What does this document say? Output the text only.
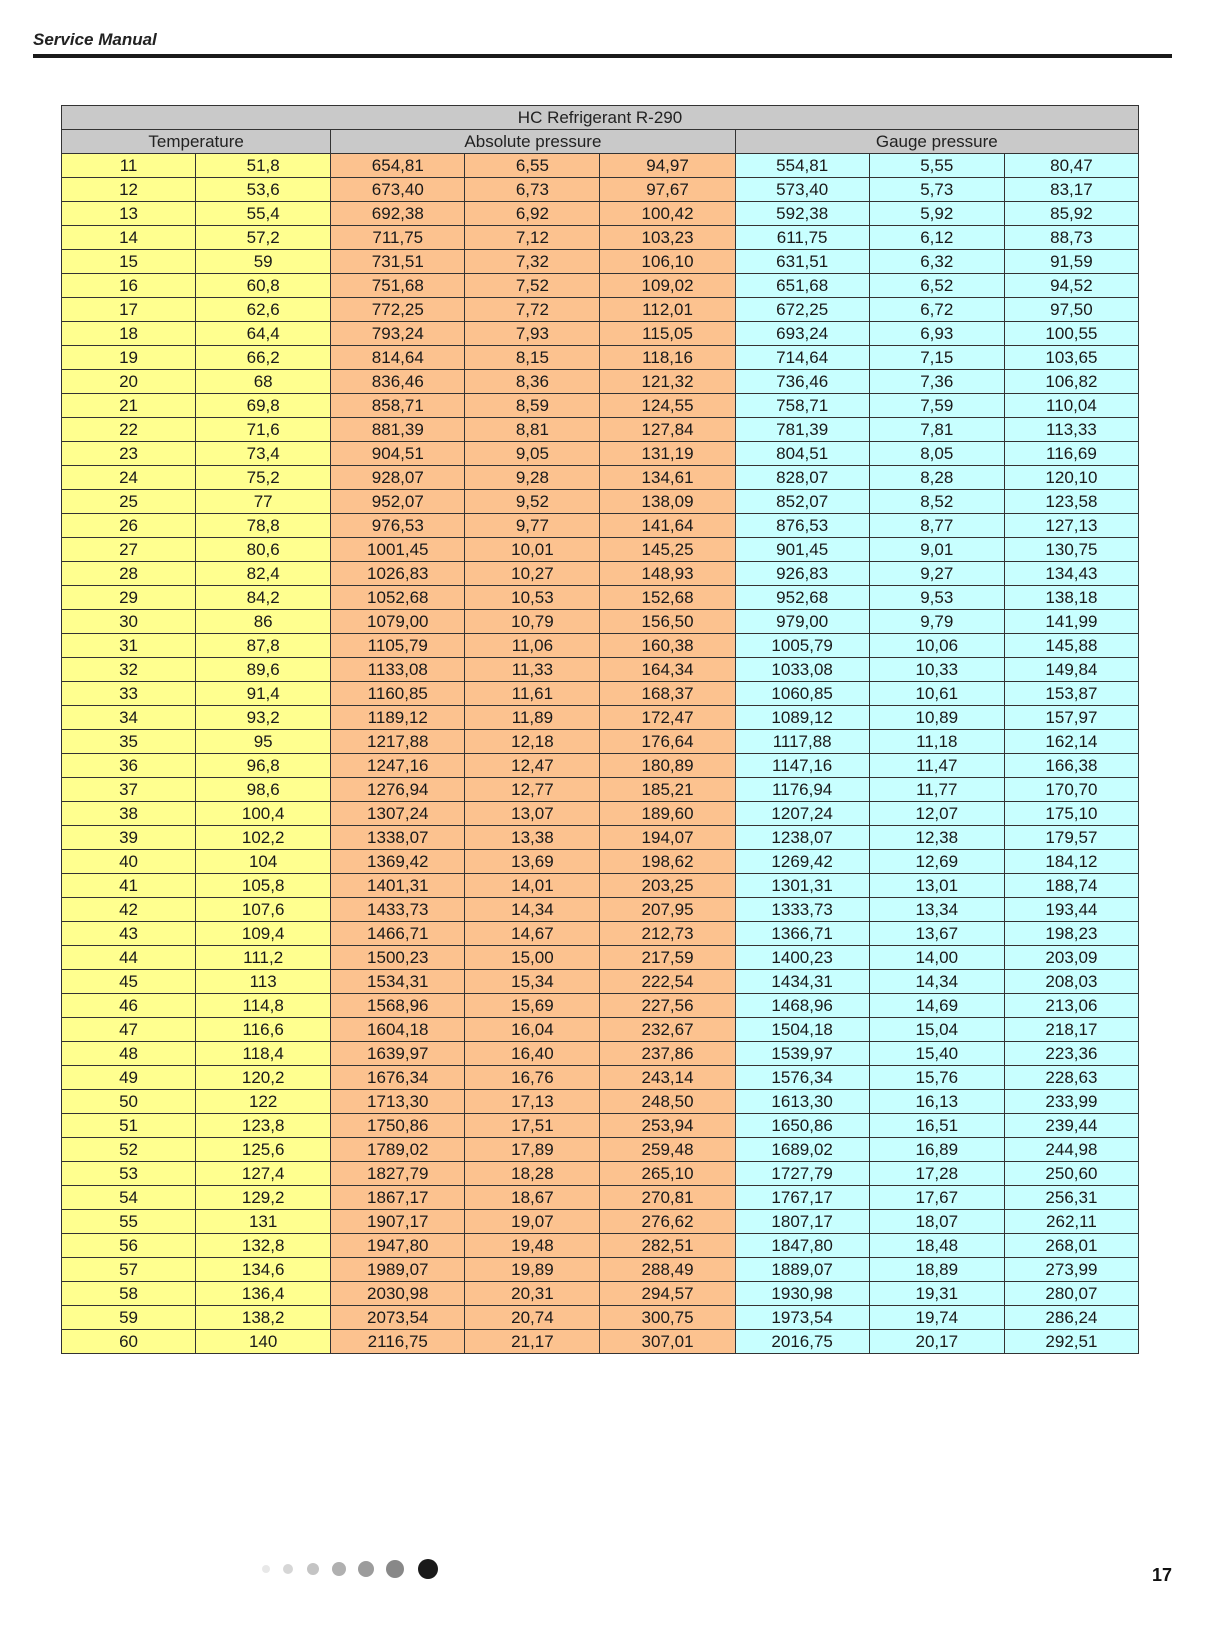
Service Manual
HC Refrigerant R-290							
Temperature		Absolute pressure			Gauge pressure		
11	51,8	654,81	6,55	94,97	554,81	5,55	80,47
12	53,6	673,40	6,73	97,67	573,40	5,73	83,17
13	55,4	692,38	6,92	100,42	592,38	5,92	85,92
14	57,2	711,75	7,12	103,23	611,75	6,12	88,73
15	59	731,51	7,32	106,10	631,51	6,32	91,59
16	60,8	751,68	7,52	109,02	651,68	6,52	94,52
17	62,6	772,25	7,72	112,01	672,25	6,72	97,50
18	64,4	793,24	7,93	115,05	693,24	6,93	100,55
19	66,2	814,64	8,15	118,16	714,64	7,15	103,65
20	68	836,46	8,36	121,32	736,46	7,36	106,82
21	69,8	858,71	8,59	124,55	758,71	7,59	110,04
22	71,6	881,39	8,81	127,84	781,39	7,81	113,33
23	73,4	904,51	9,05	131,19	804,51	8,05	116,69
24	75,2	928,07	9,28	134,61	828,07	8,28	120,10
25	77	952,07	9,52	138,09	852,07	8,52	123,58
26	78,8	976,53	9,77	141,64	876,53	8,77	127,13
27	80,6	1001,45	10,01	145,25	901,45	9,01	130,75
28	82,4	1026,83	10,27	148,93	926,83	9,27	134,43
29	84,2	1052,68	10,53	152,68	952,68	9,53	138,18
30	86	1079,00	10,79	156,50	979,00	9,79	141,99
31	87,8	1105,79	11,06	160,38	1005,79	10,06	145,88
32	89,6	1133,08	11,33	164,34	1033,08	10,33	149,84
33	91,4	1160,85	11,61	168,37	1060,85	10,61	153,87
34	93,2	1189,12	11,89	172,47	1089,12	10,89	157,97
35	95	1217,88	12,18	176,64	1117,88	11,18	162,14
36	96,8	1247,16	12,47	180,89	1147,16	11,47	166,38
37	98,6	1276,94	12,77	185,21	1176,94	11,77	170,70
38	100,4	1307,24	13,07	189,60	1207,24	12,07	175,10
39	102,2	1338,07	13,38	194,07	1238,07	12,38	179,57
40	104	1369,42	13,69	198,62	1269,42	12,69	184,12
41	105,8	1401,31	14,01	203,25	1301,31	13,01	188,74
42	107,6	1433,73	14,34	207,95	1333,73	13,34	193,44
43	109,4	1466,71	14,67	212,73	1366,71	13,67	198,23
44	111,2	1500,23	15,00	217,59	1400,23	14,00	203,09
45	113	1534,31	15,34	222,54	1434,31	14,34	208,03
46	114,8	1568,96	15,69	227,56	1468,96	14,69	213,06
47	116,6	1604,18	16,04	232,67	1504,18	15,04	218,17
48	118,4	1639,97	16,40	237,86	1539,97	15,40	223,36
49	120,2	1676,34	16,76	243,14	1576,34	15,76	228,63
50	122	1713,30	17,13	248,50	1613,30	16,13	233,99
51	123,8	1750,86	17,51	253,94	1650,86	16,51	239,44
52	125,6	1789,02	17,89	259,48	1689,02	16,89	244,98
53	127,4	1827,79	18,28	265,10	1727,79	17,28	250,60
54	129,2	1867,17	18,67	270,81	1767,17	17,67	256,31
55	131	1907,17	19,07	276,62	1807,17	18,07	262,11
56	132,8	1947,80	19,48	282,51	1847,80	18,48	268,01
57	134,6	1989,07	19,89	288,49	1889,07	18,89	273,99
58	136,4	2030,98	20,31	294,57	1930,98	19,31	280,07
59	138,2	2073,54	20,74	300,75	1973,54	19,74	286,24
60	140	2116,75	21,17	307,01	2016,75	20,17	292,51
17
